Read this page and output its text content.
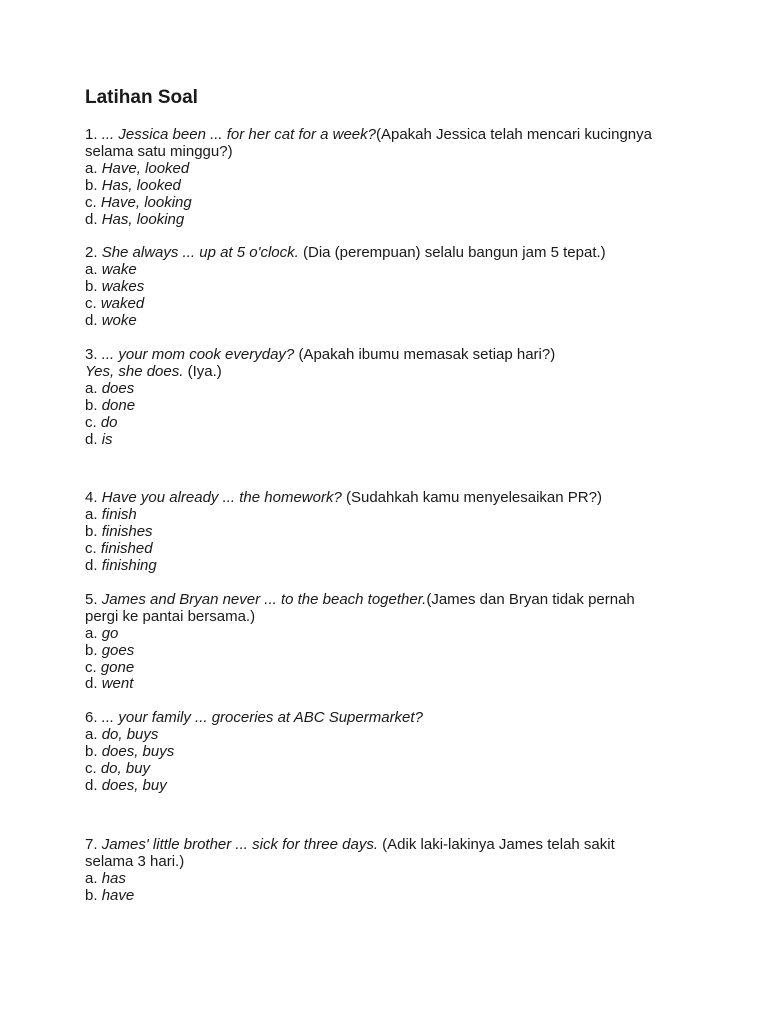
Latihan Soal
1. ... Jessica been ... for her cat for a week?(Apakah Jessica telah mencari kucingnya
selama satu minggu?)
a. Have, looked
b. Has, looked
c. Have, looking
d. Has, looking
2. She always ... up at 5 o'clock. (Dia (perempuan) selalu bangun jam 5 tepat.)
a. wake
b. wakes
c. waked
d. woke
3. ... your mom cook everyday? (Apakah ibumu memasak setiap hari?)
Yes, she does. (Iya.)
a. does
b. done
c. do
d. is
4. Have you already ... the homework? (Sudahkah kamu menyelesaikan PR?)
a. finish
b. finishes
c. finished
d. finishing
5. James and Bryan never ... to the beach together.(James dan Bryan tidak pernah
pergi ke pantai bersama.)
a. go
b. goes
c. gone
d. went
6. ... your family ... groceries at ABC Supermarket?
a. do, buys
b. does, buys
c. do, buy
d. does, buy
7. James' little brother ... sick for three days. (Adik laki-lakinya James telah sakit
selama 3 hari.)
a. has
b. have
